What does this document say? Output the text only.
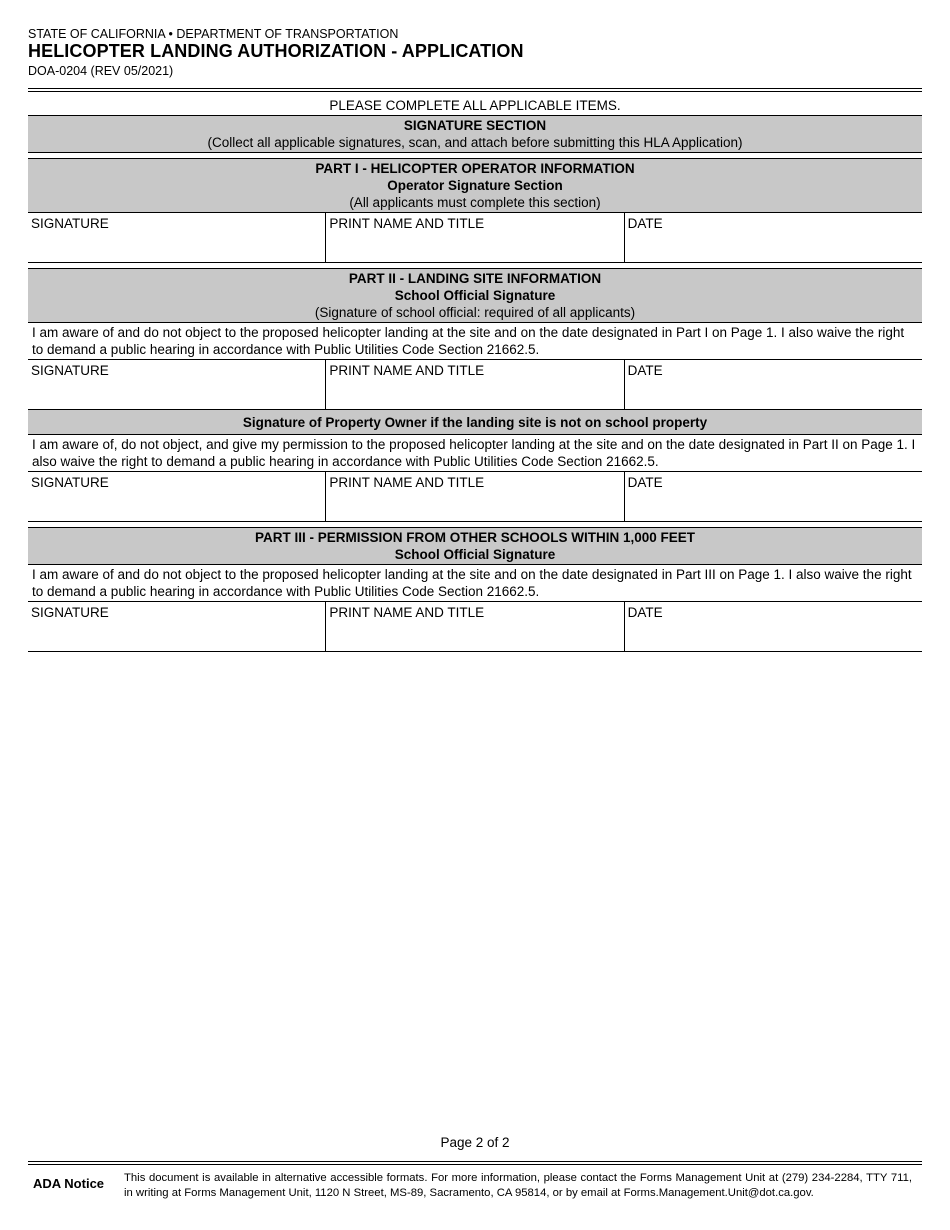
STATE OF CALIFORNIA • DEPARTMENT OF TRANSPORTATION
HELICOPTER LANDING AUTHORIZATION - APPLICATION
DOA-0204 (REV 05/2021)
PLEASE COMPLETE ALL APPLICABLE ITEMS.
SIGNATURE SECTION
(Collect all applicable signatures, scan, and attach before submitting this HLA Application)
PART I - HELICOPTER OPERATOR INFORMATION
Operator Signature Section
(All applicants must complete this section)
SIGNATURE	PRINT NAME AND TITLE	DATE
PART II - LANDING SITE INFORMATION
School Official Signature
(Signature of school official: required of all applicants)
I am aware of and do not object to the proposed helicopter landing at the site and on the date designated in Part I on Page 1. I also waive the right to demand a public hearing in accordance with Public Utilities Code Section 21662.5.
SIGNATURE	PRINT NAME AND TITLE	DATE
Signature of Property Owner if the landing site is not on school property
I am aware of, do not object, and give my permission to the proposed helicopter landing at the site and on the date designated in Part II on Page 1. I also waive the right to demand a public hearing in accordance with Public Utilities Code Section 21662.5.
SIGNATURE	PRINT NAME AND TITLE	DATE
PART III - PERMISSION FROM OTHER SCHOOLS WITHIN 1,000 FEET
School Official Signature
I am aware of and do not object to the proposed helicopter landing at the site and on the date designated in Part III on Page 1. I also waive the right to demand a public hearing in accordance with Public Utilities Code Section 21662.5.
SIGNATURE	PRINT NAME AND TITLE	DATE
Page 2 of 2
ADA Notice This document is available in alternative accessible formats. For more information, please contact the Forms Management Unit at (279) 234-2284, TTY 711, in writing at Forms Management Unit, 1120 N Street, MS-89, Sacramento, CA 95814, or by email at Forms.Management.Unit@dot.ca.gov.
